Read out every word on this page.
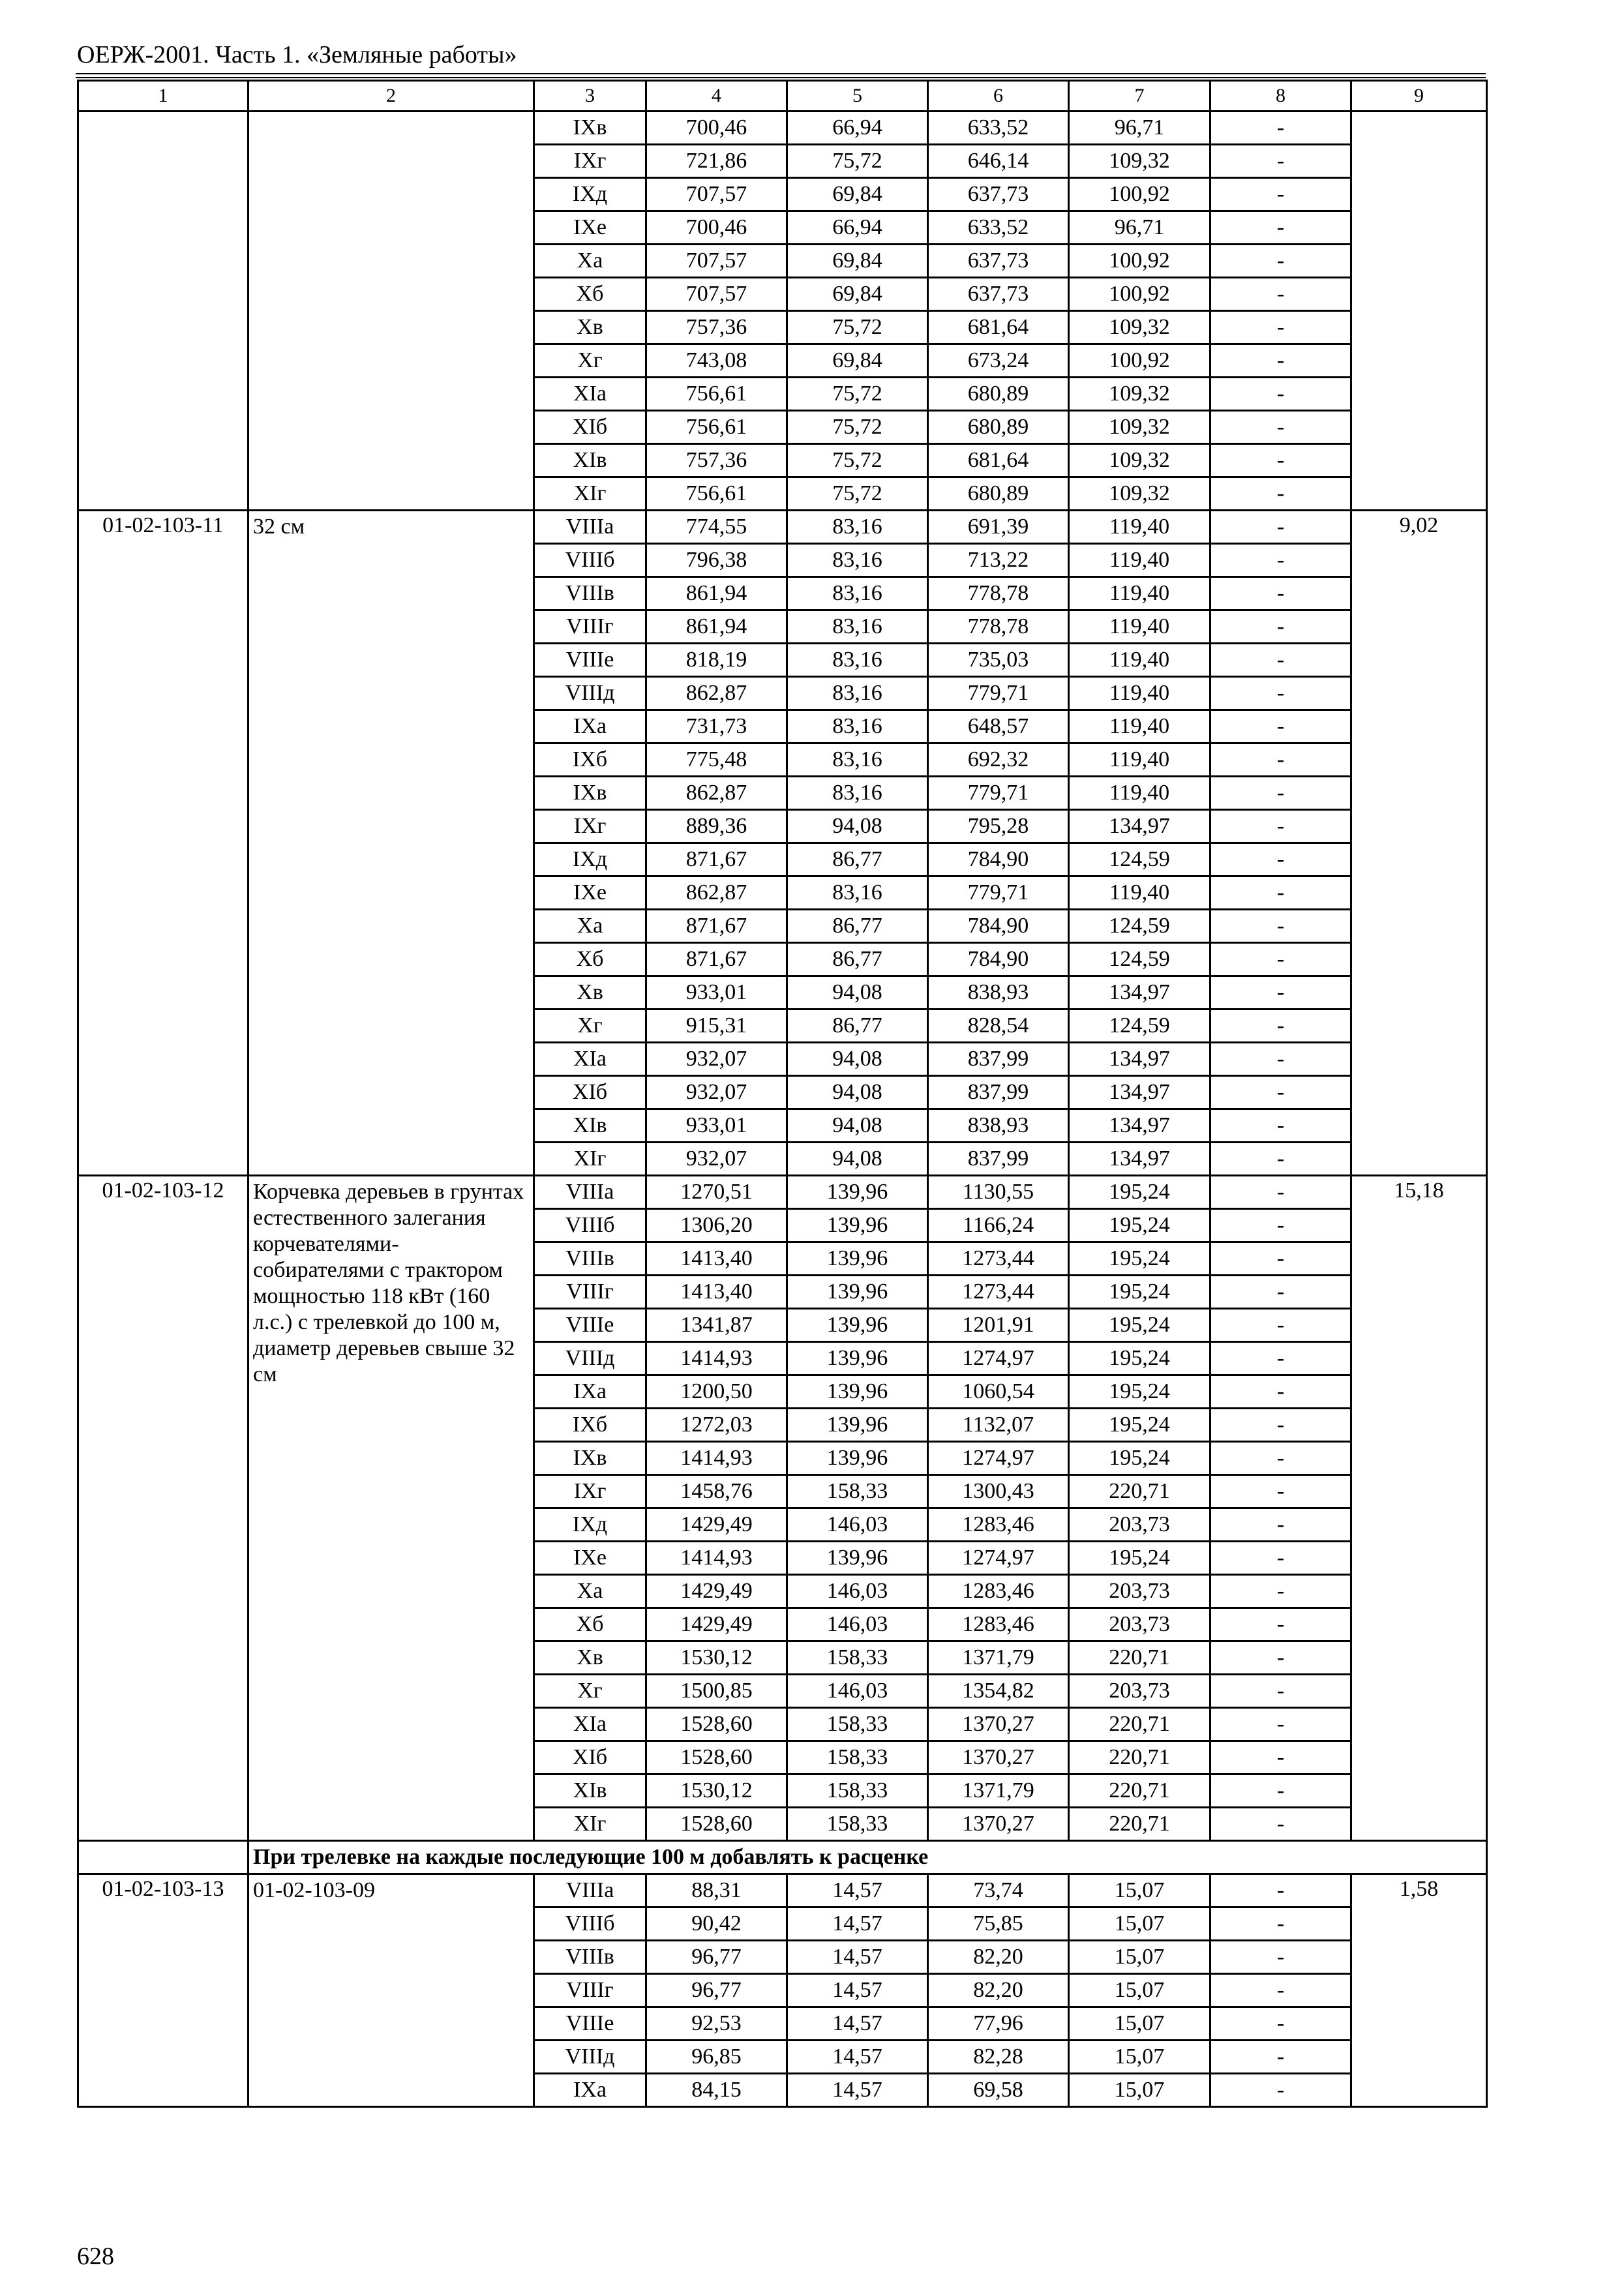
ОЕРЖ-2001. Часть 1. «Земляные работы»
1	2	3	4	5	6	7	8	9
		IXв	700,46	66,94	633,52	96,71	-	
		IXг	721,86	75,72	646,14	109,32	-	
		IXд	707,57	69,84	637,73	100,92	-	
		IXе	700,46	66,94	633,52	96,71	-	
		Xа	707,57	69,84	637,73	100,92	-	
		Xб	707,57	69,84	637,73	100,92	-	
		Xв	757,36	75,72	681,64	109,32	-	
		Xг	743,08	69,84	673,24	100,92	-	
		XIа	756,61	75,72	680,89	109,32	-	
		XIб	756,61	75,72	680,89	109,32	-	
		XIв	757,36	75,72	681,64	109,32	-	
		XIг	756,61	75,72	680,89	109,32	-	
01-02-103-11	32 см	VIIIа	774,55	83,16	691,39	119,40	-	9,02
		VIIIб	796,38	83,16	713,22	119,40	-	
		VIIIв	861,94	83,16	778,78	119,40	-	
		VIIIг	861,94	83,16	778,78	119,40	-	
		VIIIе	818,19	83,16	735,03	119,40	-	
		VIIIд	862,87	83,16	779,71	119,40	-	
		IXа	731,73	83,16	648,57	119,40	-	
		IXб	775,48	83,16	692,32	119,40	-	
		IXв	862,87	83,16	779,71	119,40	-	
		IXг	889,36	94,08	795,28	134,97	-	
		IXд	871,67	86,77	784,90	124,59	-	
		IXе	862,87	83,16	779,71	119,40	-	
		Xа	871,67	86,77	784,90	124,59	-	
		Xб	871,67	86,77	784,90	124,59	-	
		Xв	933,01	94,08	838,93	134,97	-	
		Xг	915,31	86,77	828,54	124,59	-	
		XIа	932,07	94,08	837,99	134,97	-	
		XIб	932,07	94,08	837,99	134,97	-	
		XIв	933,01	94,08	838,93	134,97	-	
		XIг	932,07	94,08	837,99	134,97	-	
01-02-103-12	Корчевка деревьев в грунтах естественного залегания корчевателями-собирателями с трактором мощностью 118 кВт (160 л.с.) с трелевкой до 100 м, диаметр деревьев свыше 32 см	VIIIа	1270,51	139,96	1130,55	195,24	-	15,18
		VIIIб	1306,20	139,96	1166,24	195,24	-	
		VIIIв	1413,40	139,96	1273,44	195,24	-	
		VIIIг	1413,40	139,96	1273,44	195,24	-	
		VIIIе	1341,87	139,96	1201,91	195,24	-	
		VIIIд	1414,93	139,96	1274,97	195,24	-	
		IXа	1200,50	139,96	1060,54	195,24	-	
		IXб	1272,03	139,96	1132,07	195,24	-	
		IXв	1414,93	139,96	1274,97	195,24	-	
		IXг	1458,76	158,33	1300,43	220,71	-	
		IXд	1429,49	146,03	1283,46	203,73	-	
		IXе	1414,93	139,96	1274,97	195,24	-	
		Xа	1429,49	146,03	1283,46	203,73	-	
		Xб	1429,49	146,03	1283,46	203,73	-	
		Xв	1530,12	158,33	1371,79	220,71	-	
		Xг	1500,85	146,03	1354,82	203,73	-	
		XIа	1528,60	158,33	1370,27	220,71	-	
		XIб	1528,60	158,33	1370,27	220,71	-	
		XIв	1530,12	158,33	1371,79	220,71	-	
		XIг	1528,60	158,33	1370,27	220,71	-	
	При трелевке на каждые последующие 100 м добавлять к расценке							
01-02-103-13	01-02-103-09	VIIIа	88,31	14,57	73,74	15,07	-	1,58
		VIIIб	90,42	14,57	75,85	15,07	-	
		VIIIв	96,77	14,57	82,20	15,07	-	
		VIIIг	96,77	14,57	82,20	15,07	-	
		VIIIе	92,53	14,57	77,96	15,07	-	
		VIIIд	96,85	14,57	82,28	15,07	-	
		IXа	84,15	14,57	69,58	15,07	-	
628
